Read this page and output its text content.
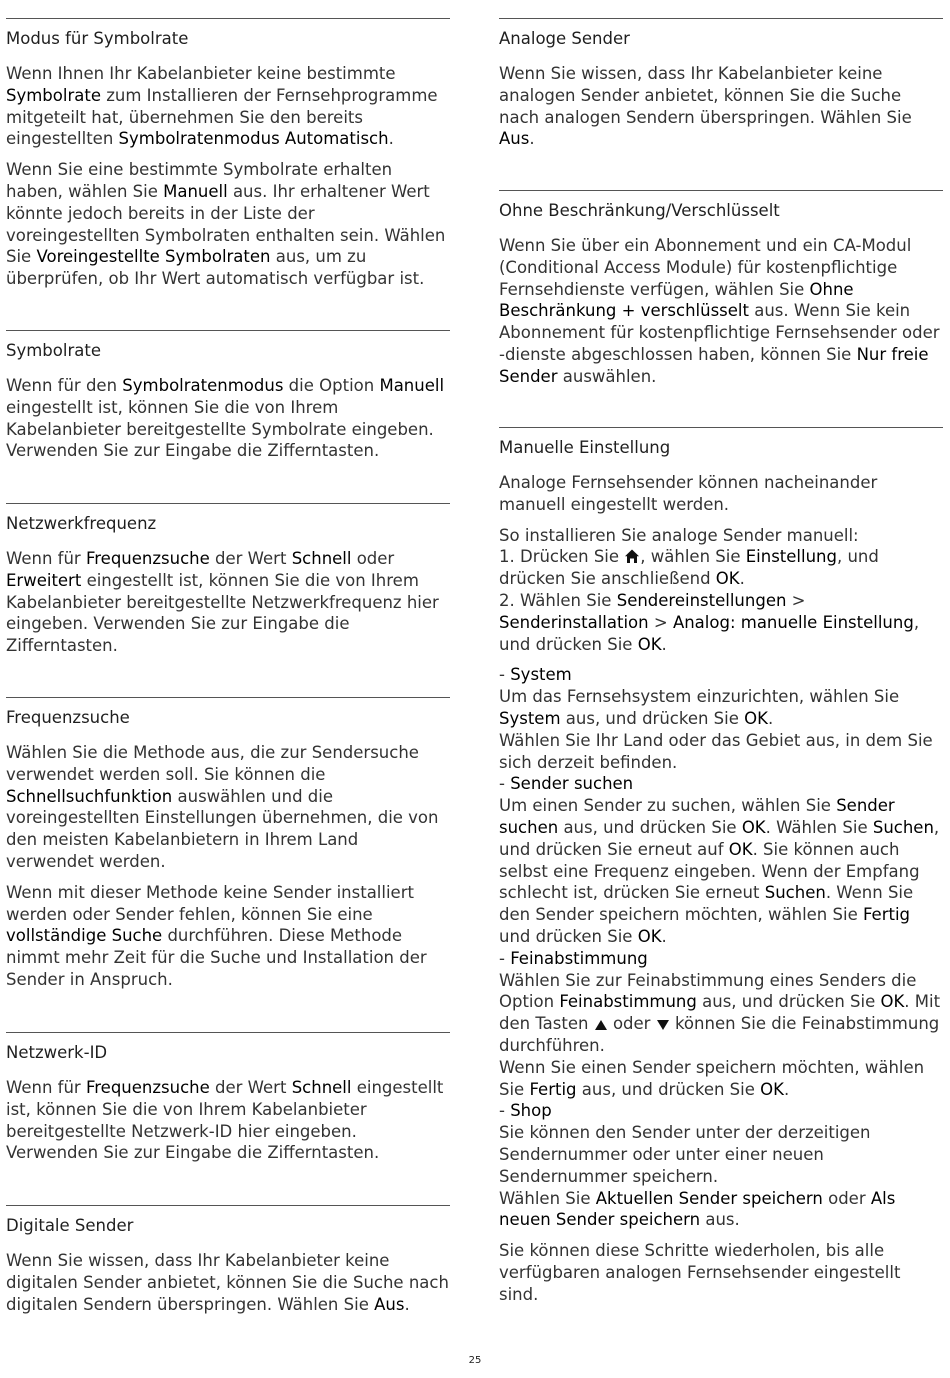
Modus für Symbolrate

Wenn Ihnen Ihr Kabelanbieter keine bestimmte Symbolrate zum Installieren der Fernsehprogramme mitgeteilt hat, übernehmen Sie den bereits eingestellten Symbolratenmodus Automatisch.

Wenn Sie eine bestimmte Symbolrate erhalten haben, wählen Sie Manuell aus. Ihr erhaltener Wert könnte jedoch bereits in der Liste der voreingestellten Symbolraten enthalten sein. Wählen Sie Voreingestellte Symbolraten aus, um zu überprüfen, ob Ihr Wert automatisch verfügbar ist.

Symbolrate

Wenn für den Symbolratenmodus die Option Manuell eingestellt ist, können Sie die von Ihrem Kabelanbieter bereitgestellte Symbolrate eingeben. Verwenden Sie zur Eingabe die Zifferntasten.

Netzwerkfrequenz

Wenn für Frequenzsuche der Wert Schnell oder Erweitert eingestellt ist, können Sie die von Ihrem Kabelanbieter bereitgestellte Netzwerkfrequenz hier eingeben. Verwenden Sie zur Eingabe die Zifferntasten.

Frequenzsuche

Wählen Sie die Methode aus, die zur Sendersuche verwendet werden soll. Sie können die Schnellsuchfunktion auswählen und die voreingestellten Einstellungen übernehmen, die von den meisten Kabelanbietern in Ihrem Land verwendet werden.

Wenn mit dieser Methode keine Sender installiert werden oder Sender fehlen, können Sie eine vollständige Suche durchführen. Diese Methode nimmt mehr Zeit für die Suche und Installation der Sender in Anspruch.

Netzwerk-ID

Wenn für Frequenzsuche der Wert Schnell eingestellt ist, können Sie die von Ihrem Kabelanbieter bereitgestellte Netzwerk-ID hier eingeben. Verwenden Sie zur Eingabe die Zifferntasten.

Digitale Sender

Wenn Sie wissen, dass Ihr Kabelanbieter keine digitalen Sender anbietet, können Sie die Suche nach digitalen Sendern überspringen. Wählen Sie Aus.

Analoge Sender

Wenn Sie wissen, dass Ihr Kabelanbieter keine analogen Sender anbietet, können Sie die Suche nach analogen Sendern überspringen. Wählen Sie Aus.

Ohne Beschränkung/Verschlüsselt

Wenn Sie über ein Abonnement und ein CA-Modul (Conditional Access Module) für kostenpflichtige Fernsehdienste verfügen, wählen Sie Ohne Beschränkung + verschlüsselt aus. Wenn Sie kein Abonnement für kostenpflichtige Fernsehsender oder -dienste abgeschlossen haben, können Sie Nur freie Sender auswählen.

Manuelle Einstellung

Analoge Fernsehsender können nacheinander manuell eingestellt werden.

So installieren Sie analoge Sender manuell:
1. Drücken Sie , wählen Sie Einstellung, und drücken Sie anschließend OK.
2. Wählen Sie Sendereinstellungen > Senderinstallation > Analog: manuelle Einstellung, und drücken Sie OK.

- System
Um das Fernsehsystem einzurichten, wählen Sie System aus, und drücken Sie OK.
Wählen Sie Ihr Land oder das Gebiet aus, in dem Sie sich derzeit befinden.
- Sender suchen
Um einen Sender zu suchen, wählen Sie Sender suchen aus, und drücken Sie OK. Wählen Sie Suchen, und drücken Sie erneut auf OK. Sie können auch selbst eine Frequenz eingeben. Wenn der Empfang schlecht ist, drücken Sie erneut Suchen. Wenn Sie den Sender speichern möchten, wählen Sie Fertig und drücken Sie OK.
- Feinabstimmung
Wählen Sie zur Feinabstimmung eines Senders die Option Feinabstimmung aus, und drücken Sie OK. Mit den Tasten  oder  können Sie die Feinabstimmung durchführen.
Wenn Sie einen Sender speichern möchten, wählen Sie Fertig aus, und drücken Sie OK.
- Shop
Sie können den Sender unter der derzeitigen Sendernummer oder unter einer neuen Sendernummer speichern.
Wählen Sie Aktuellen Sender speichern oder Als neuen Sender speichern aus.

Sie können diese Schritte wiederholen, bis alle verfügbaren analogen Fernsehsender eingestellt sind.

25
